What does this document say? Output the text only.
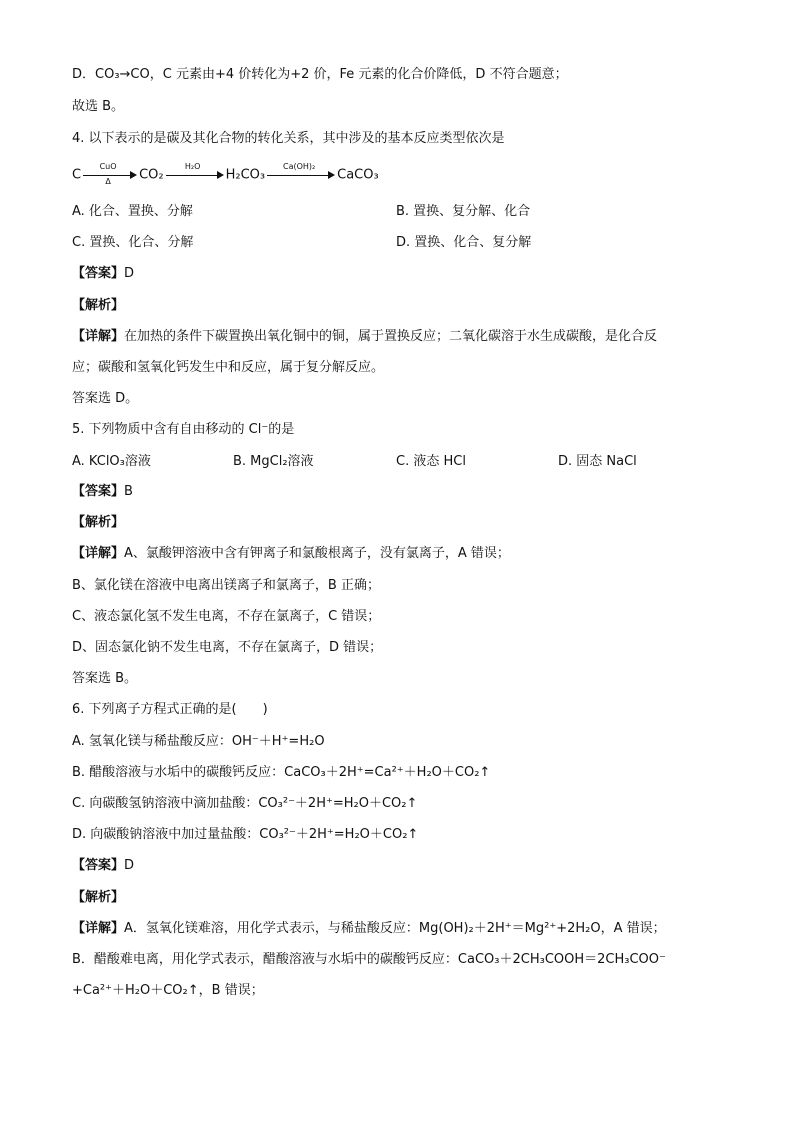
D．CO₃→CO，C 元素由+4 价转化为+2 价，Fe 元素的化合价降低，D 不符合题意；
故选 B。
4. 以下表示的是碳及其化合物的转化关系，其中涉及的基本反应类型依次是
C
CuO
Δ	CO₂
H₂O
H₂CO₃
Ca(OH)₂
CaCO₃
A. 化合、置换、分解	B. 置换、复分解、化合
C. 置换、化合、分解	D. 置换、化合、复分解
【答案】D
【解析】
【详解】在加热的条件下碳置换出氧化铜中的铜，属于置换反应；二氧化碳溶于水生成碳酸，是化合反
应；碳酸和氢氧化钙发生中和反应，属于复分解反应。
答案选 D。
5. 下列物质中含有自由移动的 Cl⁻的是
A. KClO₃溶液	B. MgCl₂溶液	C. 液态 HCl	D. 固态 NaCl
【答案】B
【解析】
【详解】A、氯酸钾溶液中含有钾离子和氯酸根离子，没有氯离子，A 错误；
B、氯化镁在溶液中电离出镁离子和氯离子，B 正确；
C、液态氯化氢不发生电离，不存在氯离子，C 错误；
D、固态氯化钠不发生电离，不存在氯离子，D 错误；
答案选 B。
6. 下列离子方程式正确的是(　　)
A. 氢氧化镁与稀盐酸反应：OH⁻＋H⁺=H₂O
B. 醋酸溶液与水垢中的碳酸钙反应：CaCO₃＋2H⁺=Ca²⁺＋H₂O＋CO₂↑
C. 向碳酸氢钠溶液中滴加盐酸：CO₃²⁻＋2H⁺=H₂O＋CO₂↑
D. 向碳酸钠溶液中加过量盐酸：CO₃²⁻＋2H⁺=H₂O＋CO₂↑
【答案】D
【解析】
【详解】A．氢氧化镁难溶，用化学式表示，与稀盐酸反应：Mg(OH)₂＋2H⁺＝Mg²⁺+2H₂O，A 错误；
B．醋酸难电离，用化学式表示，醋酸溶液与水垢中的碳酸钙反应：CaCO₃＋2CH₃COOH＝2CH₃COO⁻
+Ca²⁺＋H₂O＋CO₂↑，B 错误；
